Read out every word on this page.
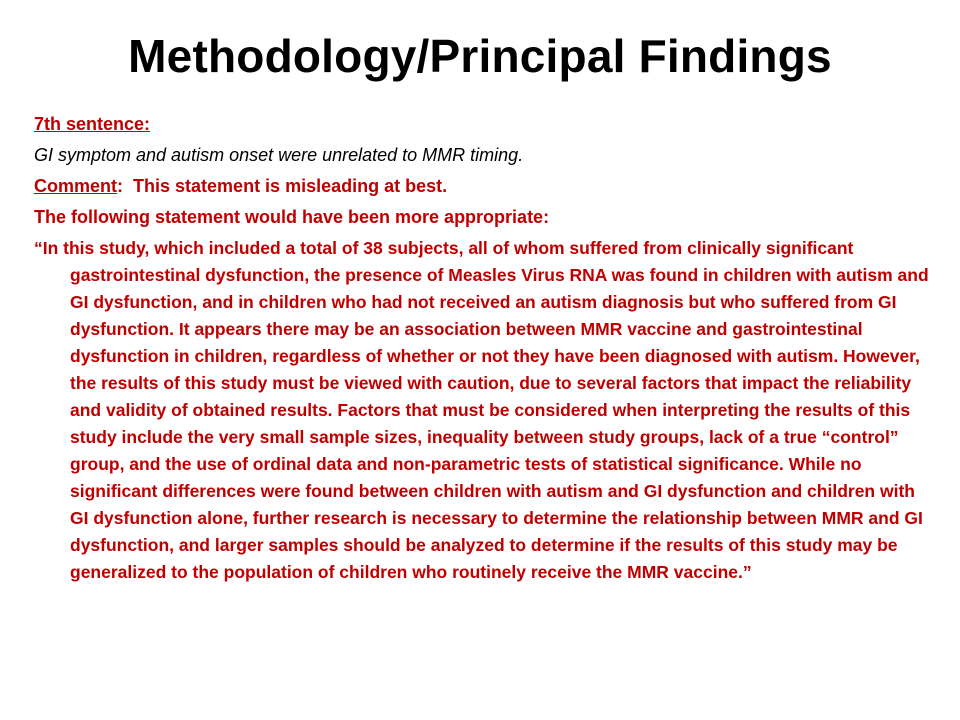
Methodology/Principal Findings

7th sentence:

GI symptom and autism onset were unrelated to MMR timing.

Comment: This statement is misleading at best.

The following statement would have been more appropriate:

“In this study, which included a total of 38 subjects, all of whom suffered from clinically significant gastrointestinal dysfunction, the presence of Measles Virus RNA was found in children with autism and GI dysfunction, and in children who had not received an autism diagnosis but who suffered from GI dysfunction. It appears there may be an association between MMR vaccine and gastrointestinal dysfunction in children, regardless of whether or not they have been diagnosed with autism. However, the results of this study must be viewed with caution, due to several factors that impact the reliability and validity of obtained results. Factors that must be considered when interpreting the results of this study include the very small sample sizes, inequality between study groups, lack of a true “control” group, and the use of ordinal data and non-parametric tests of statistical significance. While no significant differences were found between children with autism and GI dysfunction and children with GI dysfunction alone, further research is necessary to determine the relationship between MMR and GI dysfunction, and larger samples should be analyzed to determine if the results of this study may be generalized to the population of children who routinely receive the MMR vaccine.”
